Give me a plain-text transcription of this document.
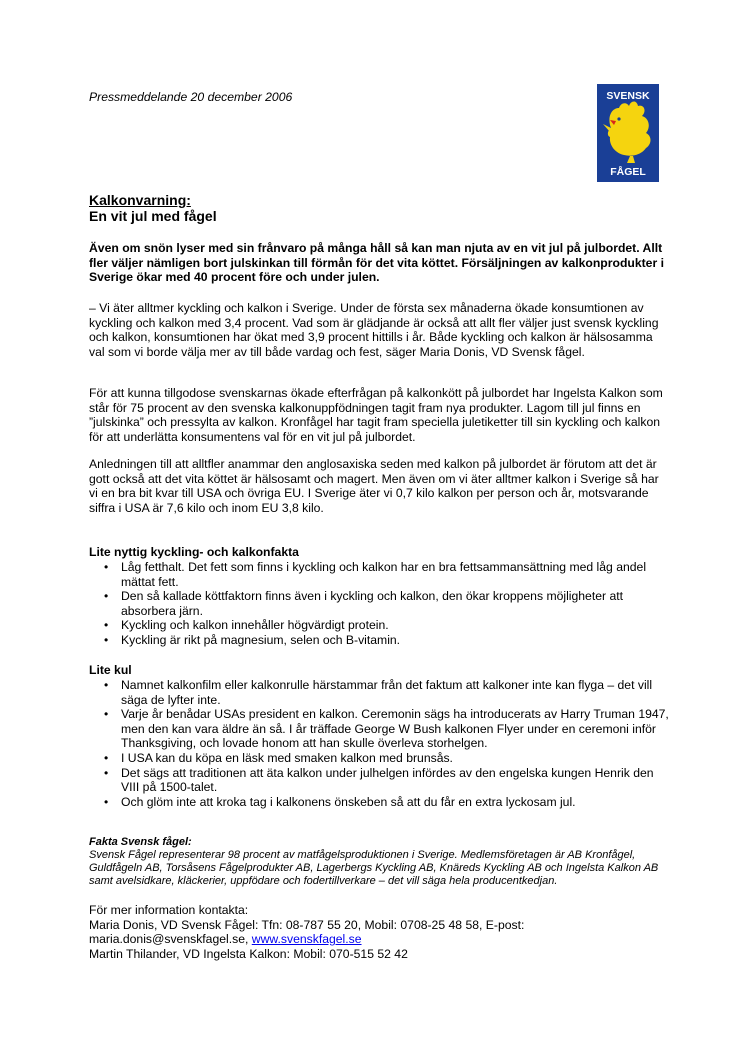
Pressmeddelande 20 december 2006	SVENSK
FÅGEL
Kalkonvarning:
En vit jul med fågel
Även om snön lyser med sin frånvaro på många håll så kan man njuta av en vit jul på julbordet. Allt fler väljer nämligen bort julskinkan till förmån för det vita köttet. Försäljningen av kalkonprodukter i Sverige ökar med 40 procent före och under julen.
– Vi äter alltmer kyckling och kalkon i Sverige. Under de första sex månaderna ökade konsumtionen av kyckling och kalkon med 3,4 procent. Vad som är glädjande är också att allt fler väljer just svensk kyckling och kalkon, konsumtionen har ökat med 3,9 procent hittills i år. Både kyckling och kalkon är hälsosamma val som vi borde välja mer av till både vardag och fest, säger Maria Donis, VD Svensk fågel.
För att kunna tillgodose svenskarnas ökade efterfrågan på kalkonkött på julbordet har Ingelsta Kalkon som står för 75 procent av den svenska kalkonuppfödningen tagit fram nya produkter. Lagom till jul finns en ”julskinka” och pressylta av kalkon. Kronfågel har tagit fram speciella juletiketter till sin kyckling och kalkon för att underlätta konsumentens val för en vit jul på julbordet.
Anledningen till att alltfler anammar den anglosaxiska seden med kalkon på julbordet är förutom att det är gott också att det vita köttet är hälsosamt och magert. Men även om vi äter alltmer kalkon i Sverige så har vi en bra bit kvar till USA och övriga EU. I Sverige äter vi 0,7 kilo kalkon per person och år, motsvarande siffra i USA är 7,6 kilo och inom EU 3,8 kilo.
Lite nyttig kyckling- och kalkonfakta
• Låg fetthalt. Det fett som finns i kyckling och kalkon har en bra fettsammansättning med låg andel mättat fett.
• Den så kallade köttfaktorn finns även i kyckling och kalkon, den ökar kroppens möjligheter att absorbera järn.
• Kyckling och kalkon innehåller högvärdigt protein.
• Kyckling är rikt på magnesium, selen och B-vitamin.
Lite kul
• Namnet kalkonfilm eller kalkonrulle härstammar från det faktum att kalkoner inte kan flyga – det vill säga de lyfter inte.
• Varje år benådar USAs president en kalkon. Ceremonin sägs ha introducerats av Harry Truman 1947, men den kan vara äldre än så. I år träffade George W Bush kalkonen Flyer under en ceremoni inför Thanksgiving, och lovade honom att han skulle överleva storhelgen.
• I USA kan du köpa en läsk med smaken kalkon med brunsås.
• Det sägs att traditionen att äta kalkon under julhelgen infördes av den engelska kungen Henrik den VIII på 1500-talet.
• Och glöm inte att kroka tag i kalkonens önskeben så att du får en extra lyckosam jul.
Fakta Svensk fågel:
Svensk Fågel representerar 98 procent av matfågelsproduktionen i Sverige. Medlemsföretagen är AB Kronfågel, Guldfågeln AB, Torsåsens Fågelprodukter AB, Lagerbergs Kyckling AB, Knäreds Kyckling AB och Ingelsta Kalkon AB samt avelsidkare, kläckerier, uppfödare och fodertillverkare – det vill säga hela producentkedjan.
För mer information kontakta:
Maria Donis, VD Svensk Fågel: Tfn: 08-787 55 20, Mobil: 0708-25 48 58, E-post:
maria.donis@svenskfagel.se, www.svenskfagel.se
Martin Thilander, VD Ingelsta Kalkon: Mobil: 070-515 52 42
